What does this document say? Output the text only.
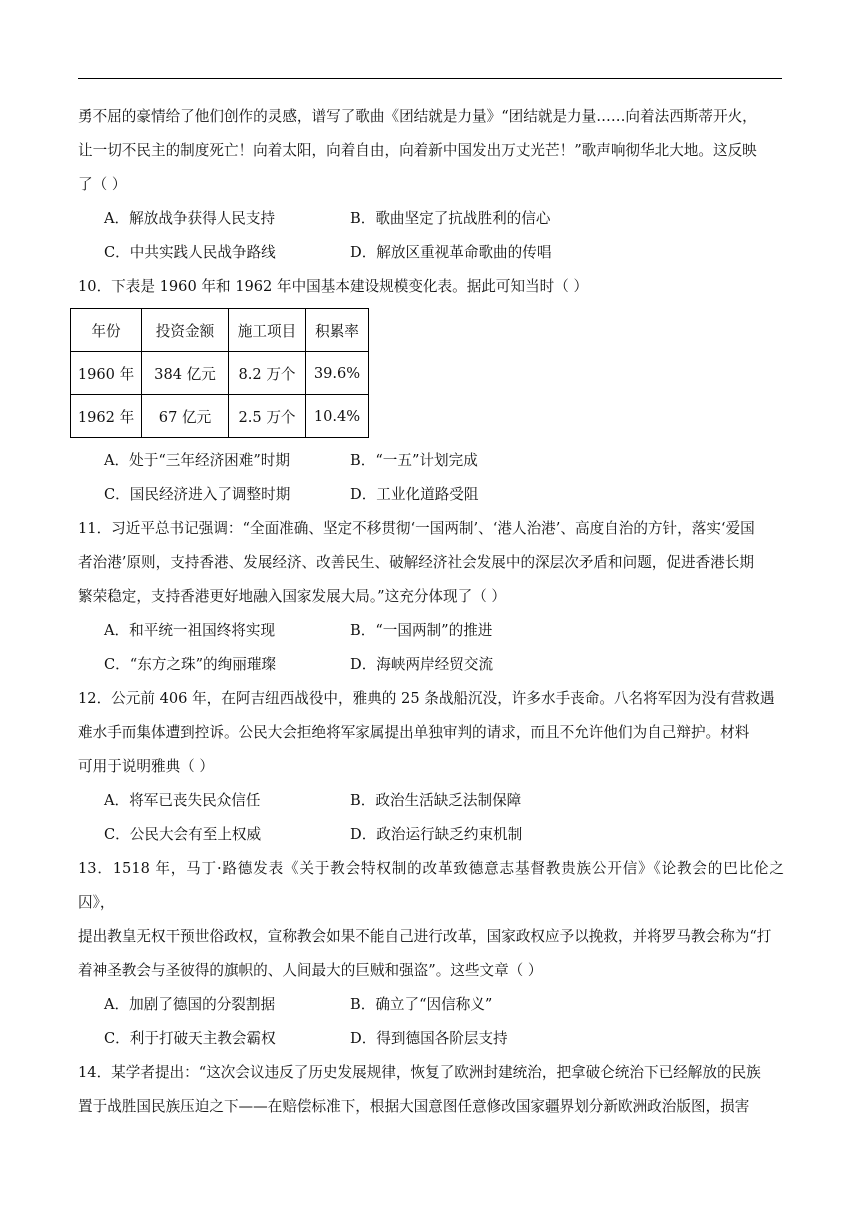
勇不屈的豪情给了他们创作的灵感，谱写了歌曲《团结就是力量》“团结就是力量……向着法西斯蒂开火，

让一切不民主的制度死亡！向着太阳，向着自由，向着新中国发出万丈光芒！”歌声响彻华北大地。这反映

了（ ）

A．解放战争获得人民支持	B．歌曲坚定了抗战胜利的信心
C．中共实践人民战争路线	D．解放区重视革命歌曲的传唱

10．下表是 1960 年和 1962 年中国基本建设规模变化表。据此可知当时（ ）

年份	投资金额	施工项目	积累率
1960 年	384 亿元	8.2 万个	39.6%
1962 年	67 亿元	2.5 万个	10.4%
A．处于“三年经济困难”时期	B．“一五”计划完成
C．国民经济进入了调整时期	D．工业化道路受阻

11．习近平总书记强调：“全面准确、坚定不移贯彻‘一国两制’、‘港人治港’、高度自治的方针，落实‘爱国

者治港’原则，支持香港、发展经济、改善民生、破解经济社会发展中的深层次矛盾和问题，促进香港长期

繁荣稳定，支持香港更好地融入国家发展大局。”这充分体现了（ ）

A．和平统一祖国终将实现	B．“一国两制”的推进
C．“东方之珠”的绚丽璀璨	D．海峡两岸经贸交流

12．公元前 406 年，在阿吉纽西战役中，雅典的 25 条战船沉没，许多水手丧命。八名将军因为没有营救遇

难水手而集体遭到控诉。公民大会拒绝将军家属提出单独审判的请求，而且不允许他们为自己辩护。材料

可用于说明雅典（ ）

A．将军已丧失民众信任	B．政治生活缺乏法制保障
C．公民大会有至上权威	D．政治运行缺乏约束机制

13．1518 年，马丁·路德发表《关于教会特权制的改革致德意志基督教贵族公开信》《论教会的巴比伦之囚》，

提出教皇无权干预世俗政权，宣称教会如果不能自己进行改革，国家政权应予以挽救，并将罗马教会称为“打

着神圣教会与圣彼得的旗帜的、人间最大的巨贼和强盗”。这些文章（ ）

A．加剧了德国的分裂割据	B．确立了“因信称义”
C．利于打破天主教会霸权	D．得到德国各阶层支持

14．某学者提出：“这次会议违反了历史发展规律，恢复了欧洲封建统治，把拿破仑统治下已经解放的民族

置于战胜国民族压迫之下——在赔偿标准下，根据大国意图任意修改国家疆界划分新欧洲政治版图，损害
